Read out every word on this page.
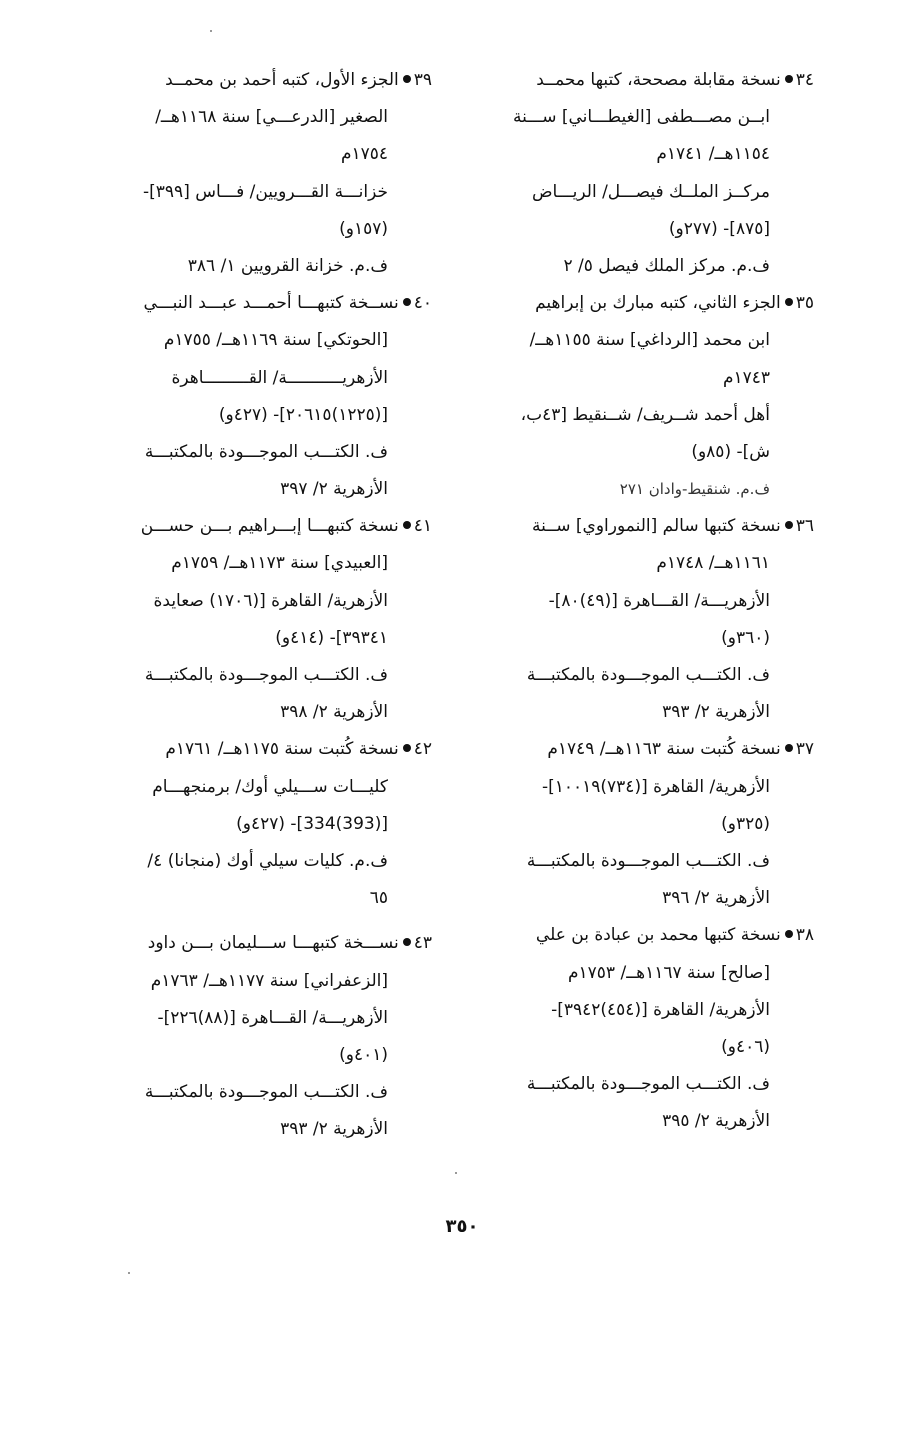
٣٤نسخة مقابلة مصححة، كتبها محمــد
ابــن مصـــطفى [الغيطـــاني] ســـنة
١١٥٤هــ/ ١٧٤١م
مركــز الملــك فيصـــل/ الريـــاض
[٨٧٥]- (٢٧٧و)
ف.م. مركز الملك فيصل ٥/ ٢
٣٥الجزء الثاني، كتبه مبارك بن إبراهيم
ابن محمد [الرداغي] سنة ١١٥٥هــ/
١٧٤٣م
أهل أحمد شــريف/ شــنقيط [٤٣ب،
ش]- (٨٥و)
ف.م. شنقيط-وادان ٢٧١
٣٦نسخة كتبها سالم [النموراوي] ســنة
١١٦١هــ/ ١٧٤٨م
الأزهريـــة/ القـــاهرة [(٤٩)٨٠]-
(٣٦٠و)
ف. الكتـــب الموجـــودة بالمكتبـــة
الأزهرية ٢/ ٣٩٣
٣٧نسخة كُتبت سنة ١١٦٣هــ/ ١٧٤٩م
الأزهرية/ القاهرة [(٧٣٤)١٠٠١٩]-
(٣٢٥و)
ف. الكتـــب الموجـــودة بالمكتبـــة
الأزهرية ٢/ ٣٩٦
٣٨نسخة كتبها محمد بن عبادة بن علي
[صالح] سنة ١١٦٧هــ/ ١٧٥٣م
الأزهرية/ القاهرة [(٤٥٤)٣٩٤٢]-
(٤٠٦و)
ف. الكتـــب الموجـــودة بالمكتبـــة
الأزهرية ٢/ ٣٩٥
٣٩الجزء الأول، كتبه أحمد بن محمــد
الصغير [الدرعـــي] سنة ١١٦٨هــ/
١٧٥٤م
خزانـــة القـــرويين/ فـــاس [٣٩٩]-
(١٥٧و)
ف.م. خزانة القرويين ١/ ٣٨٦
٤٠نســخة كتبهـــا أحمـــد عبـــد النبـــي
[الحوتكي] سنة ١١٦٩هــ/ ١٧٥٥م
الأزهريـــــــــــة/ القـــــــــاهرة
[(١٢٢٥)٢٠٦١٥]- (٤٢٧و)
ف. الكتـــب الموجـــودة بالمكتبـــة
الأزهرية ٢/ ٣٩٧
٤١نسخة كتبهـــا إبـــراهيم بـــن حســـن
[العبيدي] سنة ١١٧٣هــ/ ١٧٥٩م
الأزهرية/ القاهرة [(١٧٠٦) صعايدة
٣٩٣٤١]- (٤١٤و)
ف. الكتـــب الموجـــودة بالمكتبـــة
الأزهرية ٢/ ٣٩٨
٤٢نسخة كُتبت سنة ١١٧٥هــ/ ١٧٦١م
كليـــات ســـيلي أوك/ برمنجهـــام
[(393)334]- (٤٢٧و)
ف.م. كليات سيلي أوك (منجانا) ٤/
٦٥
٤٣نســـخة كتبهـــا ســـليمان بـــن داود
[الزعفراني] سنة ١١٧٧هــ/ ١٧٦٣م
الأزهريـــة/ القـــاهرة [(٨٨)٢٢٦]-
(٤٠١و)
ف. الكتـــب الموجـــودة بالمكتبـــة
الأزهرية ٢/ ٣٩٣
٣٥٠
